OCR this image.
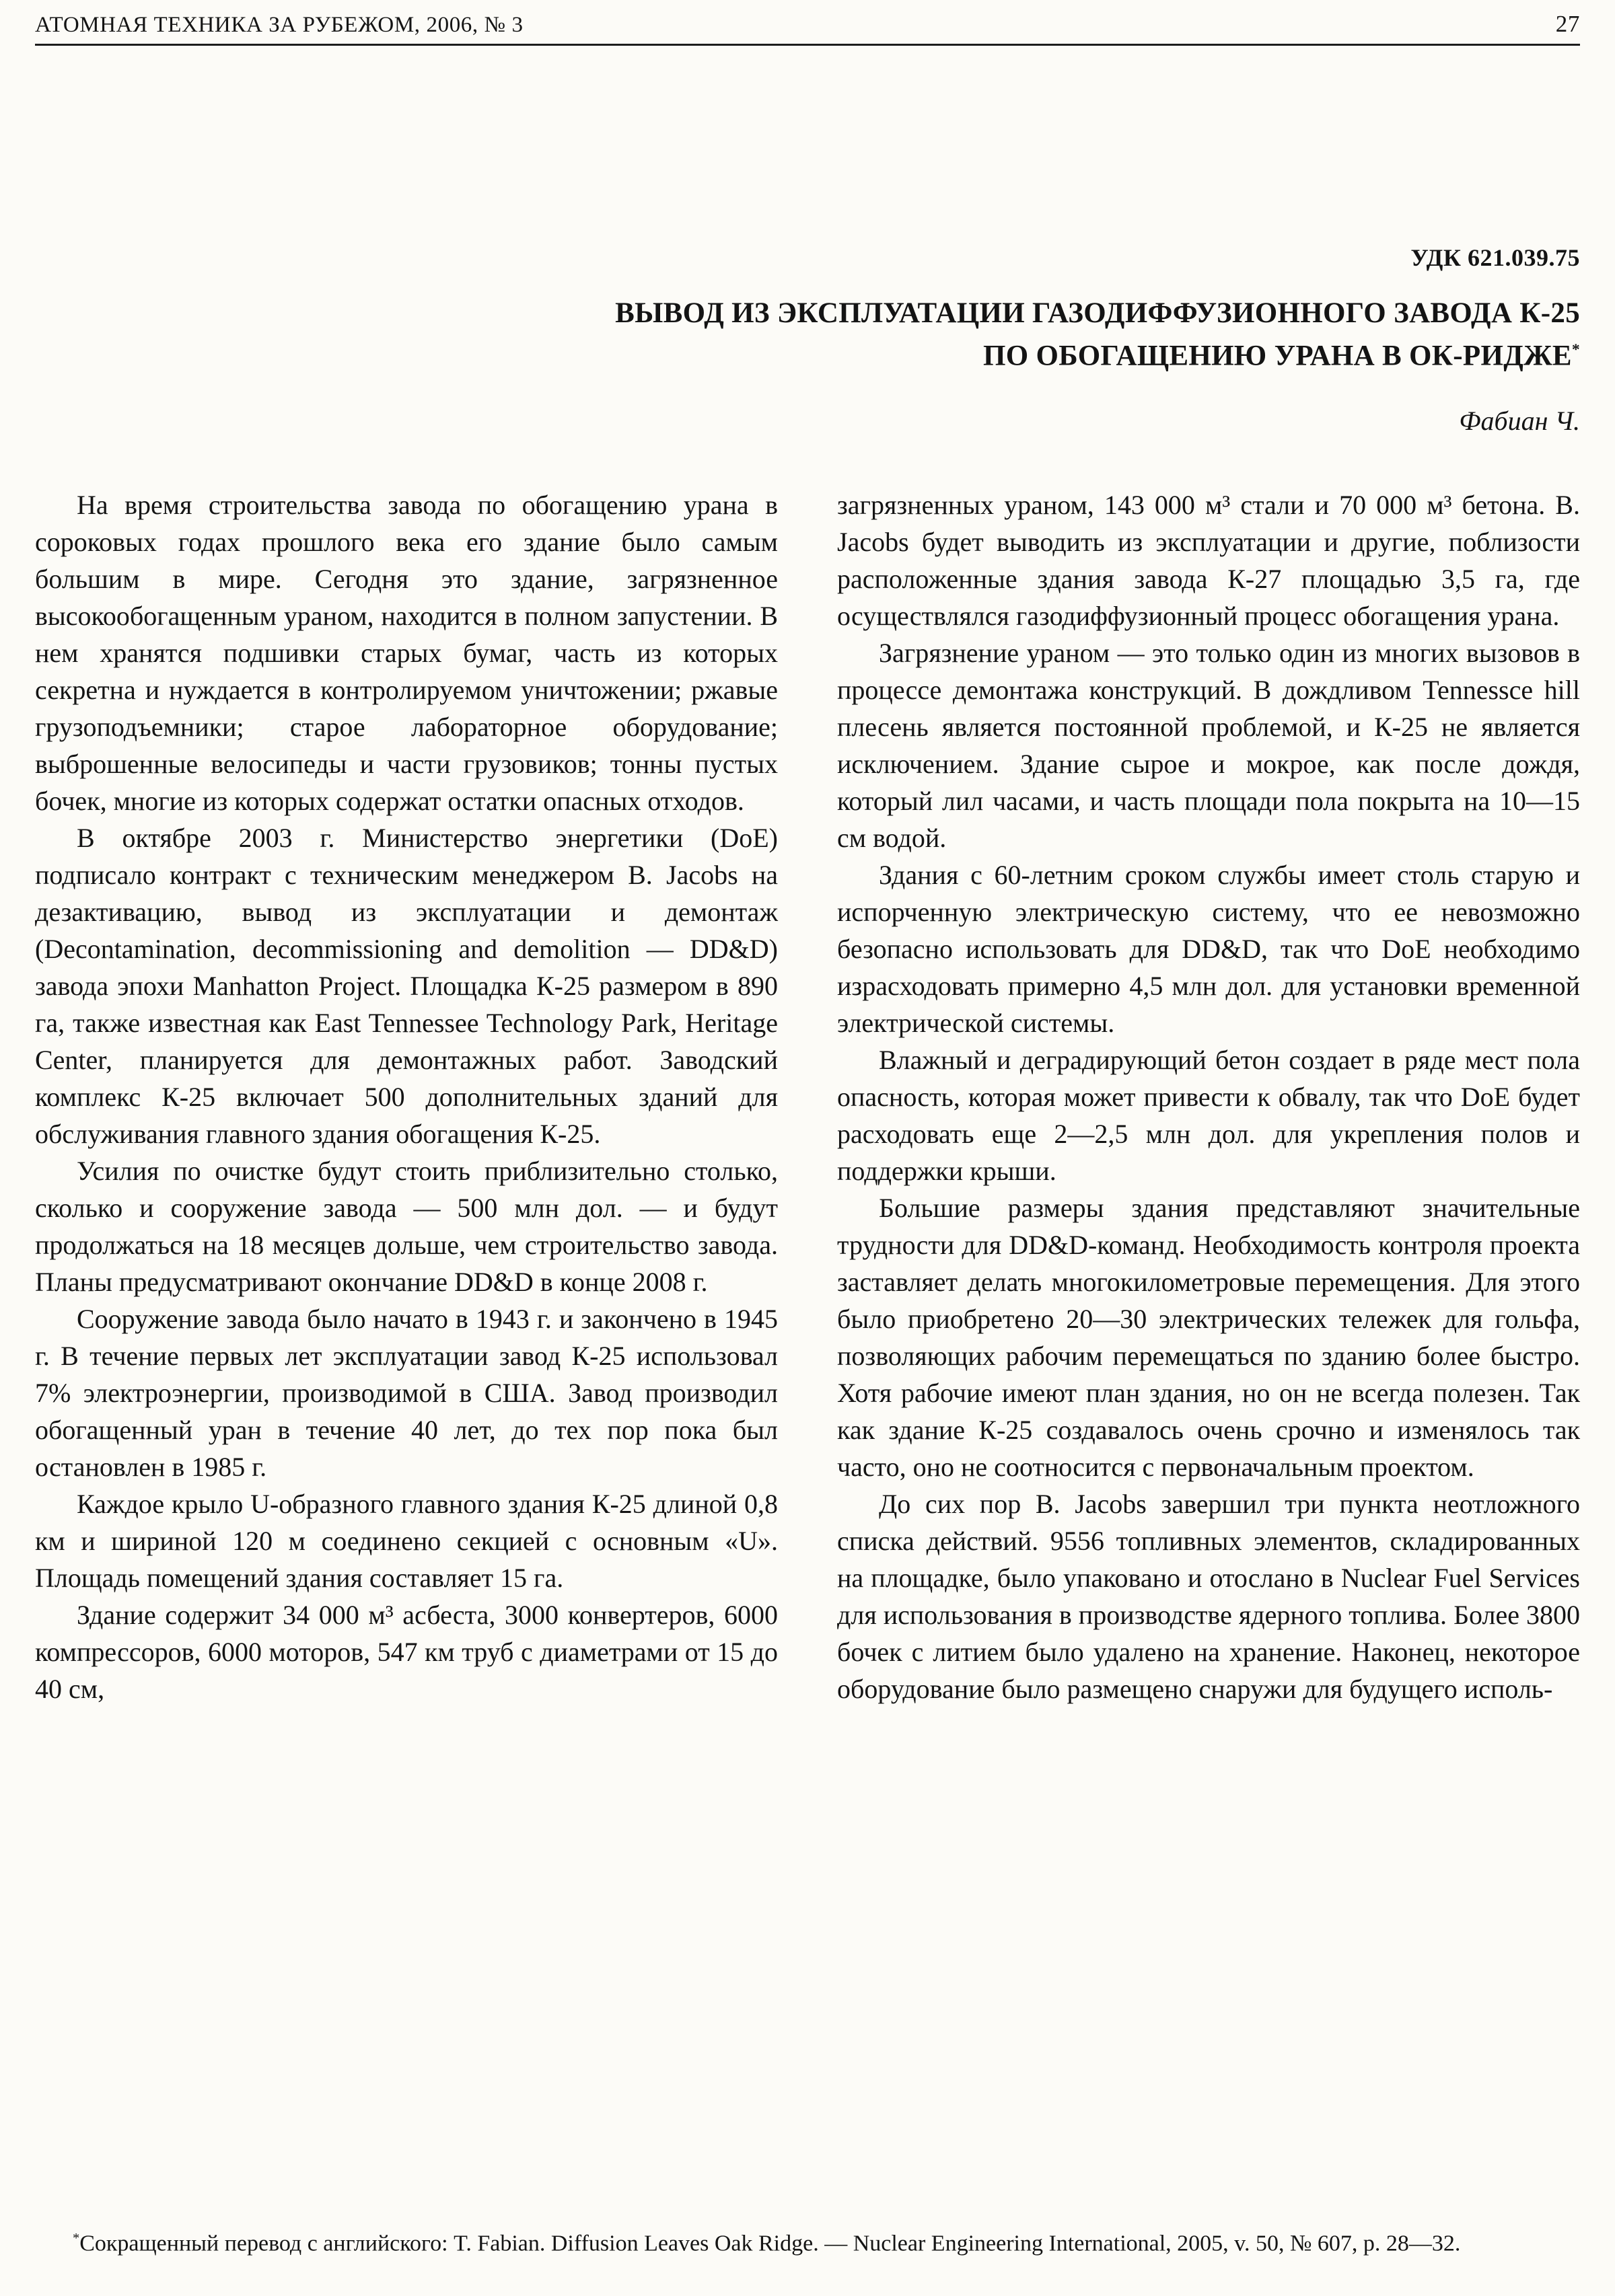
АТОМНАЯ ТЕХНИКА ЗА РУБЕЖОМ, 2006, № 3	27
УДК 621.039.75
ВЫВОД ИЗ ЭКСПЛУАТАЦИИ ГАЗОДИФФУЗИОННОГО ЗАВОДА К-25
ПО ОБОГАЩЕНИЮ УРАНА В ОК-РИДЖЕ*
Фабиан Ч.

На время строительства завода по обогащению урана в сороковых годах прошлого века его здание было самым большим в мире. Сегодня это здание, загрязненное высокообогащенным ураном, находится в полном запустении. В нем хранятся подшивки старых бумаг, часть из которых секретна и нуждается в контролируемом уничтожении; ржавые грузоподъемники; старое лабораторное оборудование; выброшенные велосипеды и части грузовиков; тонны пустых бочек, многие из которых содержат остатки опасных отходов.

В октябре 2003 г. Министерство энергетики (DoE) подписало контракт с техническим менеджером B. Jacobs на дезактивацию, вывод из эксплуатации и демонтаж (Decontamination, decommissioning and demolition — DD&D) завода эпохи Manhatton Project. Площадка К-25 размером в 890 га, также известная как East Tennessee Technology Park, Heritage Center, планируется для демонтажных работ. Заводский комплекс К-25 включает 500 дополнительных зданий для обслуживания главного здания обогащения К-25.

Усилия по очистке будут стоить приблизительно столько, сколько и сооружение завода — 500 млн дол. — и будут продолжаться на 18 месяцев дольше, чем строительство завода. Планы предусматривают окончание DD&D в конце 2008 г.

Сооружение завода было начато в 1943 г. и закончено в 1945 г. В течение первых лет эксплуатации завод К-25 использовал 7% электроэнергии, производимой в США. Завод производил обогащенный уран в течение 40 лет, до тех пор пока был остановлен в 1985 г.

Каждое крыло U-образного главного здания К-25 длиной 0,8 км и шириной 120 м соединено секцией с основным «U». Площадь помещений здания составляет 15 га.

Здание содержит 34 000 м³ асбеста, 3000 конвертеров, 6000 компрессоров, 6000 моторов, 547 км труб с диаметрами от 15 до 40 см,

загрязненных ураном, 143 000 м³ стали и 70 000 м³ бетона. B. Jacobs будет выводить из эксплуатации и другие, поблизости расположенные здания завода К-27 площадью 3,5 га, где осуществлялся газодиффузионный процесс обогащения урана.

Загрязнение ураном — это только один из многих вызовов в процессе демонтажа конструкций. В дождливом Tennessce hill плесень является постоянной проблемой, и К-25 не является исключением. Здание сырое и мокрое, как после дождя, который лил часами, и часть площади пола покрыта на 10—15 см водой.

Здания с 60-летним сроком службы имеет столь старую и испорченную электрическую систему, что ее невозможно безопасно использовать для DD&D, так что DoE необходимо израсходовать примерно 4,5 млн дол. для установки временной электрической системы.

Влажный и деградирующий бетон создает в ряде мест пола опасность, которая может привести к обвалу, так что DoE будет расходовать еще 2—2,5 млн дол. для укрепления полов и поддержки крыши.

Большие размеры здания представляют значительные трудности для DD&D-команд. Необходимость контроля проекта заставляет делать многокилометровые перемещения. Для этого было приобретено 20—30 электрических тележек для гольфа, позволяющих рабочим перемещаться по зданию более быстро. Хотя рабочие имеют план здания, но он не всегда полезен. Так как здание К-25 создавалось очень срочно и изменялось так часто, оно не соотносится с первоначальным проектом.

До сих пор B. Jacobs завершил три пункта неотложного списка действий. 9556 топливных элементов, складированных на площадке, было упаковано и отослано в Nuclear Fuel Services для использования в производстве ядерного топлива. Более 3800 бочек с литием было удалено на хранение. Наконец, некоторое оборудование было размещено снаружи для будущего исполь-

*Сокращенный перевод с английского: T. Fabian. Diffusion Leaves Oak Ridge. — Nuclear Engineering International, 2005, v. 50, № 607, p. 28—32.
